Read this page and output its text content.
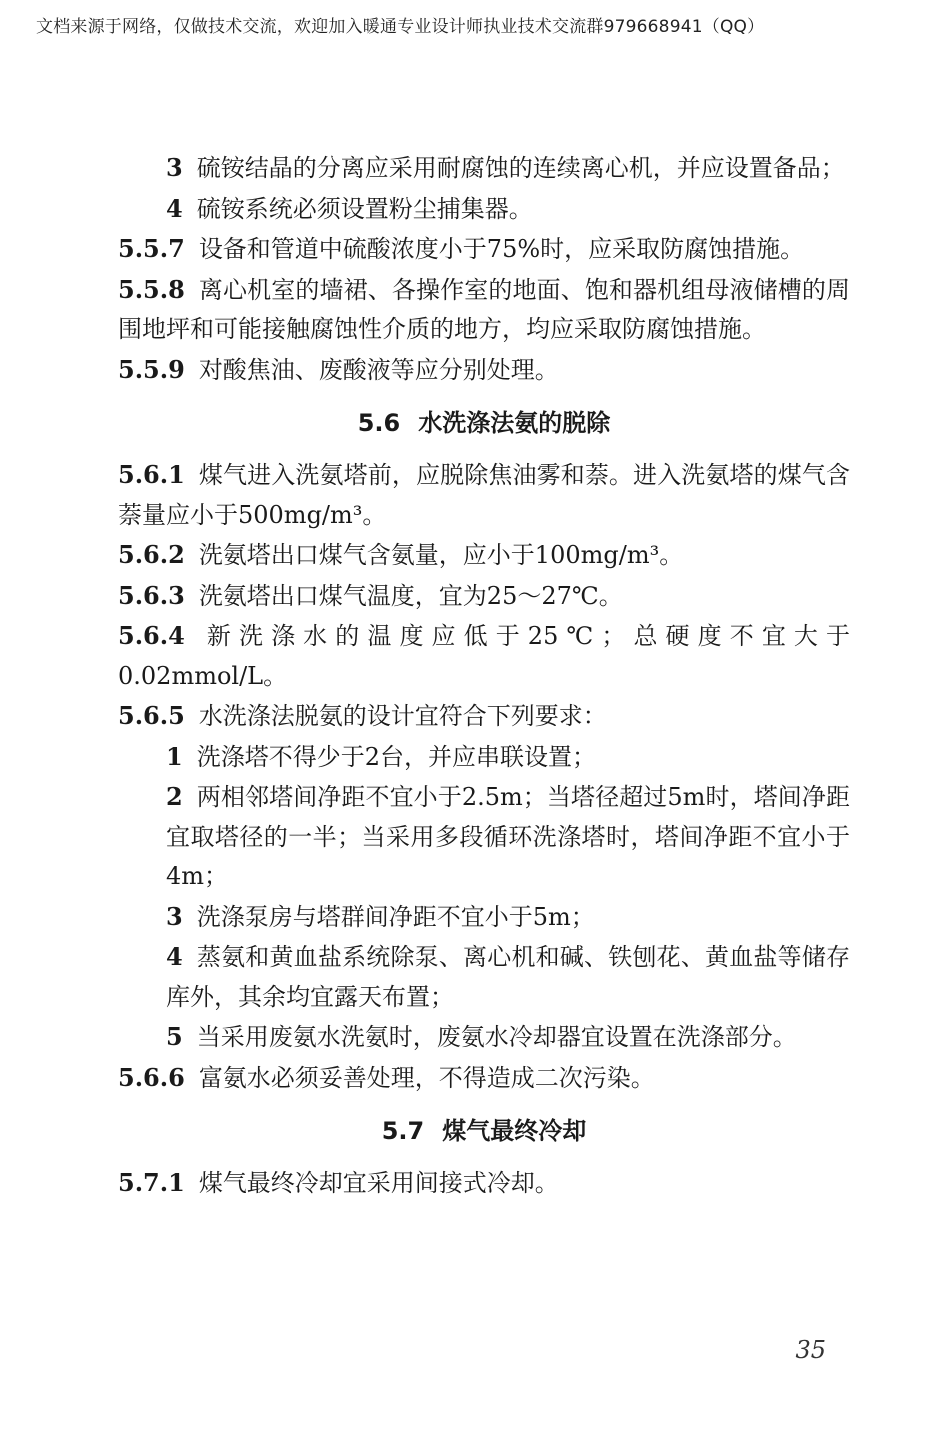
文档来源于网络，仅做技术交流，欢迎加入暖通专业设计师执业技术交流群979668941（QQ）

3 硫铵结晶的分离应采用耐腐蚀的连续离心机，并应设置备品；

4 硫铵系统必须设置粉尘捕集器。

5.5.7 设备和管道中硫酸浓度小于75%时，应采取防腐蚀措施。

5.5.8 离心机室的墙裙、各操作室的地面、饱和器机组母液储槽的周围地坪和可能接触腐蚀性介质的地方，均应采取防腐蚀措施。

5.5.9 对酸焦油、废酸液等应分别处理。

5.6 水洗涤法氨的脱除

5.6.1 煤气进入洗氨塔前，应脱除焦油雾和萘。进入洗氨塔的煤气含萘量应小于500mg/m³。

5.6.2 洗氨塔出口煤气含氨量，应小于100mg/m³。

5.6.3 洗氨塔出口煤气温度，宜为25～27℃。

5.6.4 新洗涤水的温度应低于25℃；总硬度不宜大于0.02mmol/L。

5.6.5 水洗涤法脱氨的设计宜符合下列要求：

1 洗涤塔不得少于2台，并应串联设置；

2 两相邻塔间净距不宜小于2.5m；当塔径超过5m时，塔间净距宜取塔径的一半；当采用多段循环洗涤塔时，塔间净距不宜小于4m；

3 洗涤泵房与塔群间净距不宜小于5m；

4 蒸氨和黄血盐系统除泵、离心机和碱、铁刨花、黄血盐等储存库外，其余均宜露天布置；

5 当采用废氨水洗氨时，废氨水冷却器宜设置在洗涤部分。

5.6.6 富氨水必须妥善处理，不得造成二次污染。

5.7 煤气最终冷却

5.7.1 煤气最终冷却宜采用间接式冷却。

35
